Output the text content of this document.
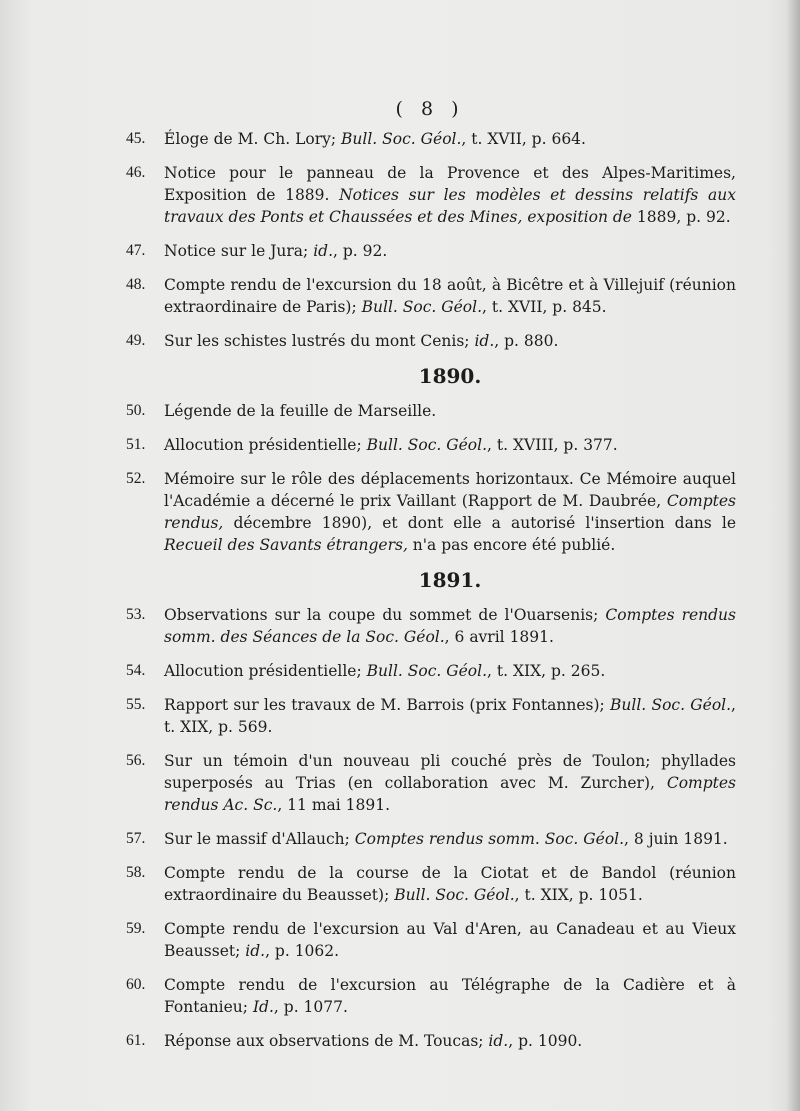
( 8 )
45. Éloge de M. Ch. Lory; Bull. Soc. Géol., t. XVII, p. 664.
46. Notice pour le panneau de la Provence et des Alpes-Maritimes, Exposition de 1889. Notices sur les modèles et dessins relatifs aux travaux des Ponts et Chaussées et des Mines, exposition de 1889, p. 92.
47. Notice sur le Jura; id., p. 92.
48. Compte rendu de l'excursion du 18 août, à Bicêtre et à Villejuif (réunion extraordinaire de Paris); Bull. Soc. Géol., t. XVII, p. 845.
49. Sur les schistes lustrés du mont Cenis; id., p. 880.
1890.
50. Légende de la feuille de Marseille.
51. Allocution présidentielle; Bull. Soc. Géol., t. XVIII, p. 377.
52. Mémoire sur le rôle des déplacements horizontaux. Ce Mémoire auquel l'Académie a décerné le prix Vaillant (Rapport de M. Daubrée, Comptes rendus, décembre 1890), et dont elle a autorisé l'insertion dans le Recueil des Savants étrangers, n'a pas encore été publié.
1891.
53. Observations sur la coupe du sommet de l'Ouarsenis; Comptes rendus somm. des Séances de la Soc. Géol., 6 avril 1891.
54. Allocution présidentielle; Bull. Soc. Géol., t. XIX, p. 265.
55. Rapport sur les travaux de M. Barrois (prix Fontannes); Bull. Soc. Géol., t. XIX, p. 569.
56. Sur un témoin d'un nouveau pli couché près de Toulon; phyllades superposés au Trias (en collaboration avec M. Zurcher), Comptes rendus Ac. Sc., 11 mai 1891.
57. Sur le massif d'Allauch; Comptes rendus somm. Soc. Géol., 8 juin 1891.
58. Compte rendu de la course de la Ciotat et de Bandol (réunion extraordinaire du Beausset); Bull. Soc. Géol., t. XIX, p. 1051.
59. Compte rendu de l'excursion au Val d'Aren, au Canadeau et au Vieux Beausset; id., p. 1062.
60. Compte rendu de l'excursion au Télégraphe de la Cadière et à Fontanieu; Id., p. 1077.
61. Réponse aux observations de M. Toucas; id., p. 1090.
